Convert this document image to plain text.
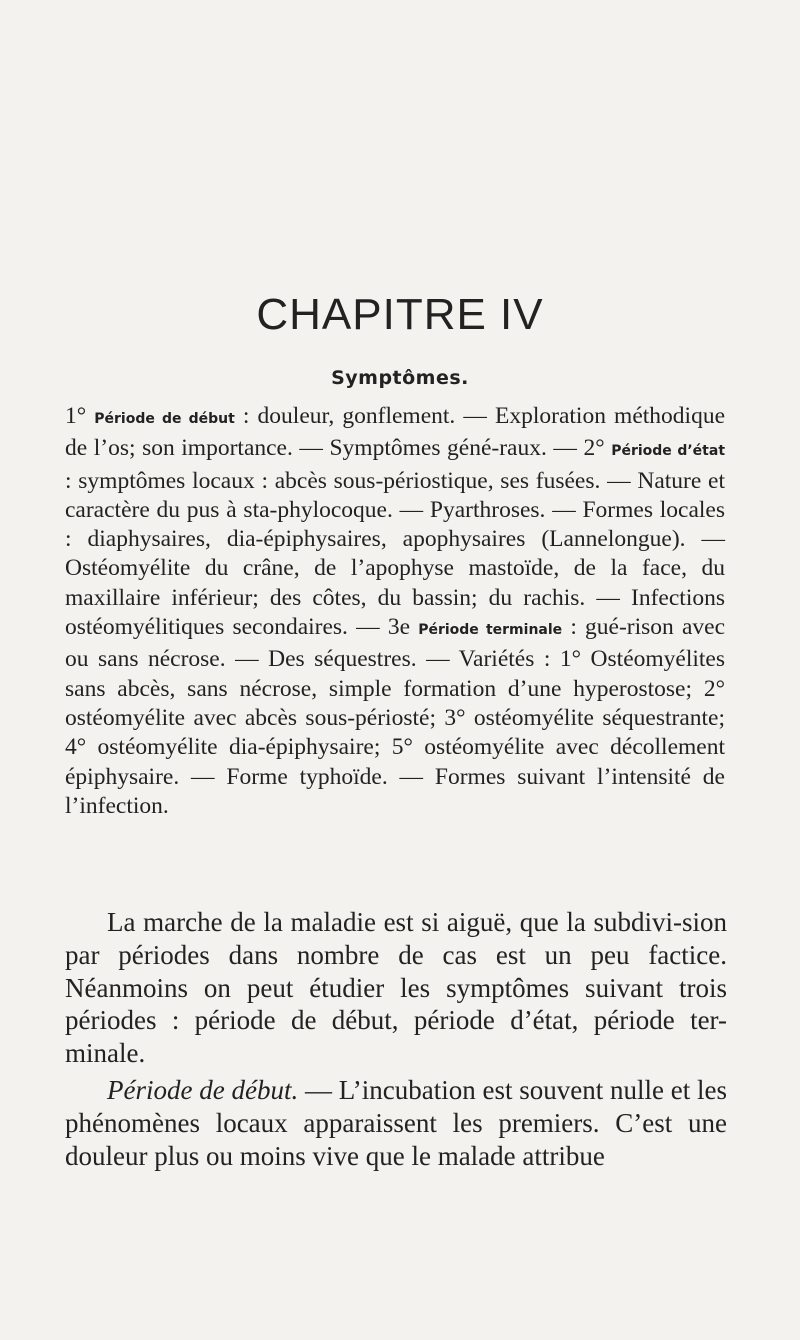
CHAPITRE IV
Symptômes.
1° Période de début : douleur, gonflement. — Exploration méthodique de l’os; son importance. — Symptômes géné-raux. — 2° Période d’état : symptômes locaux : abcès sous-périostique, ses fusées. — Nature et caractère du pus à sta-phylocoque. — Pyarthroses. — Formes locales : diaphysaires, dia-épiphysaires, apophysaires (Lannelongue). — Ostéomyélite du crâne, de l’apophyse mastoïde, de la face, du maxillaire inférieur; des côtes, du bassin; du rachis. — Infections ostéomyélitiques secondaires. — 3e Période terminale : gué-rison avec ou sans nécrose. — Des séquestres. — Variétés : 1° Ostéomyélites sans abcès, sans nécrose, simple formation d’une hyperostose; 2° ostéomyélite avec abcès sous-périosté; 3° ostéomyélite séquestrante; 4° ostéomyélite dia-épiphysaire; 5° ostéomyélite avec décollement épiphysaire. — Forme typhoïde. — Formes suivant l’intensité de l’infection.

La marche de la maladie est si aiguë, que la subdivi-sion par périodes dans nombre de cas est un peu factice. Néanmoins on peut étudier les symptômes suivant trois périodes : période de début, période d’état, période ter-minale.

Période de début. — L’incubation est souvent nulle et les phénomènes locaux apparaissent les premiers. C’est une douleur plus ou moins vive que le malade attribue
